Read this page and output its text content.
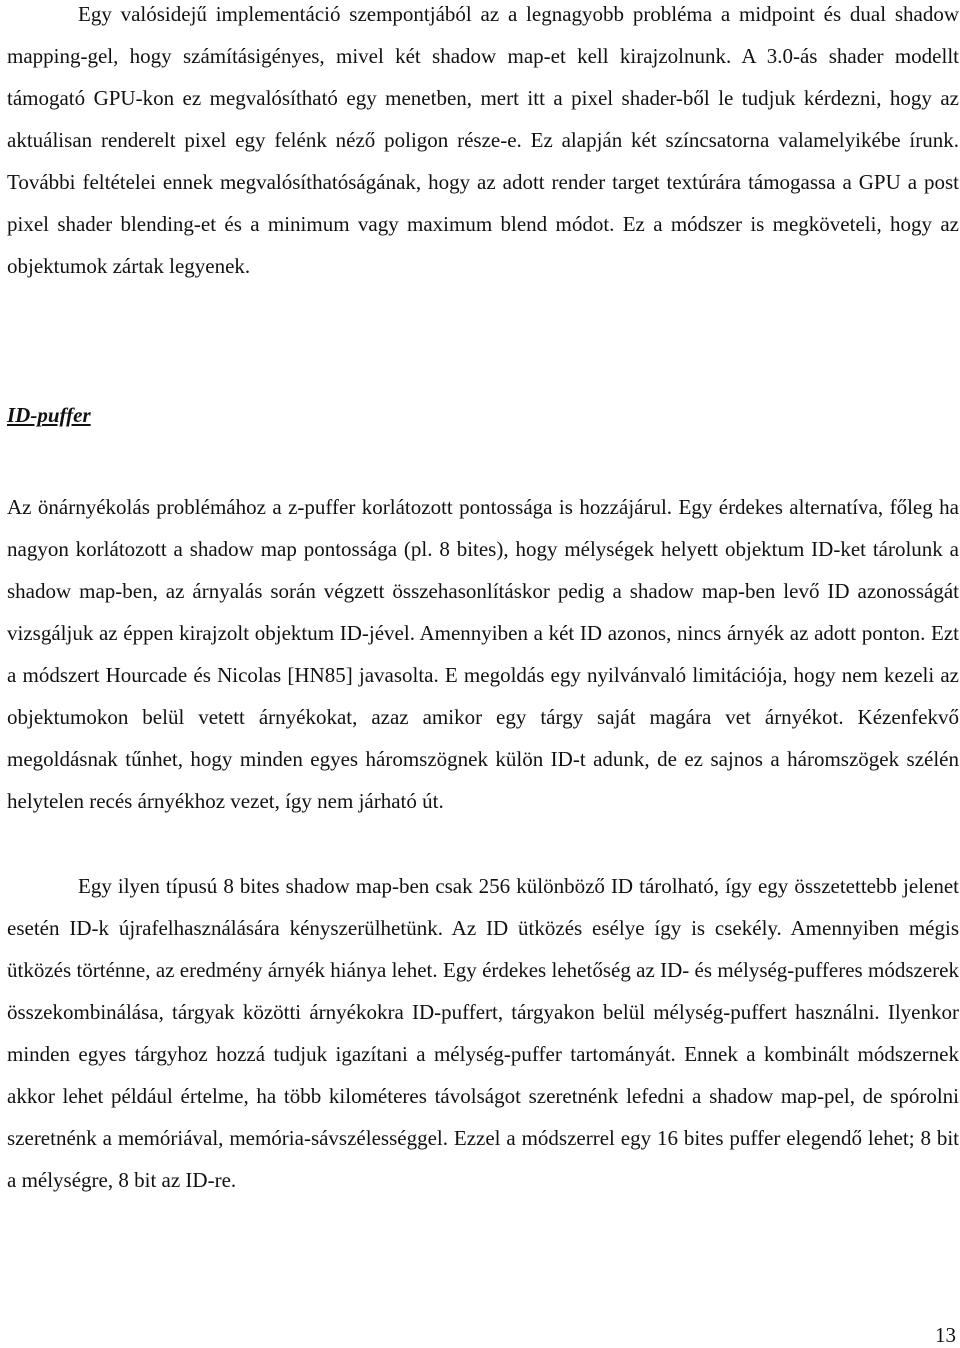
Egy valósidejű implementáció szempontjából az a legnagyobb probléma a midpoint és dual shadow mapping-gel, hogy számításigényes, mivel két shadow map-et kell kirajzolnunk. A 3.0-ás shader modellt támogató GPU-kon ez megvalósítható egy menetben, mert itt a pixel shader-ből le tudjuk kérdezni, hogy az aktuálisan renderelt pixel egy felénk néző poligon része-e. Ez alapján két színcsatorna valamelyikébe írunk. További feltételei ennek megvalósíthatóságának, hogy az adott render target textúrára támogassa a GPU a post pixel shader blending-et és a minimum vagy maximum blend módot. Ez a módszer is megköveteli, hogy az objektumok zártak legyenek.

ID-puffer

Az önárnyékolás problémához a z-puffer korlátozott pontossága is hozzájárul. Egy érdekes alternatíva, főleg ha nagyon korlátozott a shadow map pontossága (pl. 8 bites), hogy mélységek helyett objektum ID-ket tárolunk a shadow map-ben, az árnyalás során végzett összehasonlításkor pedig a shadow map-ben levő ID azonosságát vizsgáljuk az éppen kirajzolt objektum ID-jével. Amennyiben a két ID azonos, nincs árnyék az adott ponton. Ezt a módszert Hourcade és Nicolas [HN85] javasolta. E megoldás egy nyilvánvaló limitációja, hogy nem kezeli az objektumokon belül vetett árnyékokat, azaz amikor egy tárgy saját magára vet árnyékot. Kézenfekvő megoldásnak tűnhet, hogy minden egyes háromszögnek külön ID-t adunk, de ez sajnos a háromszögek szélén helytelen recés árnyékhoz vezet, így nem járható út.

Egy ilyen típusú 8 bites shadow map-ben csak 256 különböző ID tárolható, így egy összetettebb jelenet esetén ID-k újrafelhasználására kényszerülhetünk. Az ID ütközés esélye így is csekély. Amennyiben mégis ütközés történne, az eredmény árnyék hiánya lehet. Egy érdekes lehetőség az ID- és mélység-pufferes módszerek összekombinálása, tárgyak közötti árnyékokra ID-puffert, tárgyakon belül mélység-puffert használni. Ilyenkor minden egyes tárgyhoz hozzá tudjuk igazítani a mélység-puffer tartományát. Ennek a kombinált módszernek akkor lehet például értelme, ha több kilométeres távolságot szeretnénk lefedni a shadow map-pel, de spórolni szeretnénk a memóriával, memória-sávszélességgel. Ezzel a módszerrel egy 16 bites puffer elegendő lehet; 8 bit a mélységre, 8 bit az ID-re.

13
